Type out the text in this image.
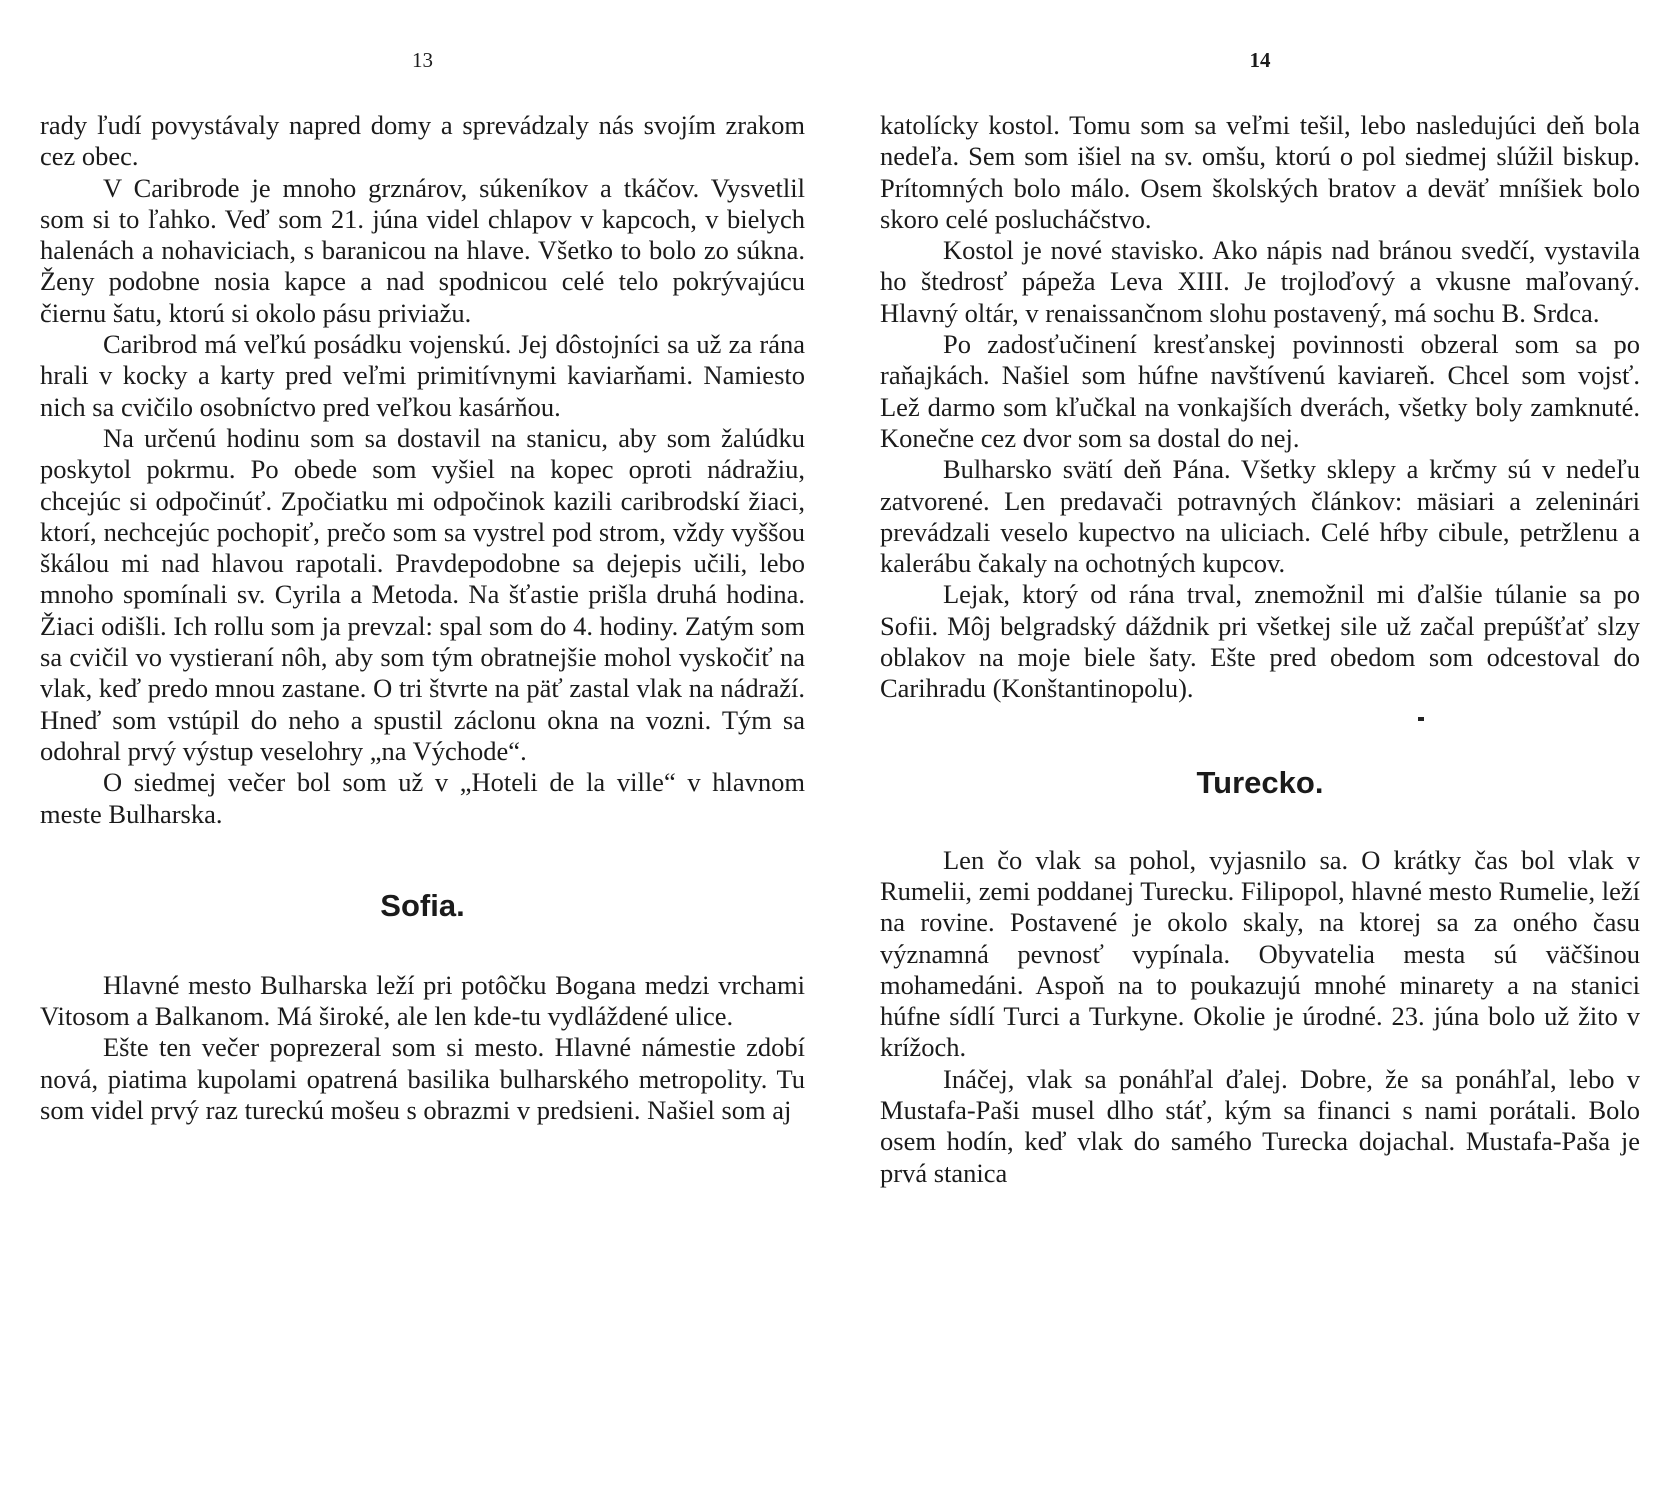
13

rady ľudí povystávaly napred domy a sprevádzaly nás svojím zrakom cez obec.

V Caribrode je mnoho grznárov, súkeníkov a tkáčov. Vysvetlil som si to ľahko. Veď som 21. júna videl chlapov v kapcoch, v bielych halenách a nohaviciach, s baranicou na hlave. Všetko to bolo zo súkna. Ženy podobne nosia kapce a nad spodnicou celé telo pokrývajúcu čiernu šatu, ktorú si okolo pásu priviažu.

Caribrod má veľkú posádku vojenskú. Jej dôstojníci sa už za rána hrali v kocky a karty pred veľmi primitívnymi kaviarňami. Namiesto nich sa cvičilo osobníctvo pred veľkou kasárňou.

Na určenú hodinu som sa dostavil na stanicu, aby som žalúdku poskytol pokrmu. Po obede som vyšiel na kopec oproti nádražiu, chcejúc si odpočinúť. Zpočiatku mi odpočinok kazili caribrodskí žiaci, ktorí, nechcejúc pochopiť, prečo som sa vystrel pod strom, vždy vyššou škálou mi nad hlavou rapotali. Pravdepodobne sa dejepis učili, lebo mnoho spomínali sv. Cyrila a Metoda. Na šťastie prišla druhá hodina. Žiaci odišli. Ich rollu som ja prevzal: spal som do 4. hodiny. Zatým som sa cvičil vo vystieraní nôh, aby som tým obratnejšie mohol vyskočiť na vlak, keď predo mnou zastane. O tri štvrte na päť zastal vlak na nádraží. Hneď som vstúpil do neho a spustil záclonu okna na vozni. Tým sa odohral prvý výstup veselohry „na Východe“.

O siedmej večer bol som už v „Hoteli de la ville“ v hlavnom meste Bulharska.

Sofia.

Hlavné mesto Bulharska leží pri potôčku Bogana medzi vrchami Vitosom a Balkanom. Má široké, ale len kde-tu vydláždené ulice.

Ešte ten večer poprezeral som si mesto. Hlavné námestie zdobí nová, piatima kupolami opatrená basilika bulharského metropolity. Tu som videl prvý raz tureckú mošeu s obrazmi v predsieni. Našiel som aj

14

katolícky kostol. Tomu som sa veľmi tešil, lebo nasledujúci deň bola nedeľa. Sem som išiel na sv. omšu, ktorú o pol siedmej slúžil biskup. Prítomných bolo málo. Osem školských bratov a deväť mníšiek bolo skoro celé poslucháčstvo.

Kostol je nové stavisko. Ako nápis nad bránou svedčí, vystavila ho štedrosť pápeža Leva XIII. Je trojloďový a vkusne maľovaný. Hlavný oltár, v renaissančnom slohu postavený, má sochu B. Srdca.

Po zadosťučinení kresťanskej povinnosti obzeral som sa po raňajkách. Našiel som húfne navštívenú kaviareň. Chcel som vojsť. Lež darmo som kľučkal na vonkajších dverách, všetky boly zamknuté. Konečne cez dvor som sa dostal do nej.

Bulharsko svätí deň Pána. Všetky sklepy a krčmy sú v nedeľu zatvorené. Len predavači potravných článkov: mäsiari a zeleninári prevádzali veselo kupectvo na uliciach. Celé hŕby cibule, petržlenu a kalerábu čakaly na ochotných kupcov.

Lejak, ktorý od rána trval, znemožnil mi ďalšie túlanie sa po Sofii. Môj belgradský dáždnik pri všetkej sile už začal prepúšťať slzy oblakov na moje biele šaty. Ešte pred obedom som odcestoval do Carihradu (Konštantinopolu).

Turecko.

Len čo vlak sa pohol, vyjasnilo sa. O krátky čas bol vlak v Rumelii, zemi poddanej Turecku. Filipopol, hlavné mesto Rumelie, leží na rovine. Postavené je okolo skaly, na ktorej sa za oného času významná pevnosť vypínala. Obyvatelia mesta sú väčšinou mohamedáni. Aspoň na to poukazujú mnohé minarety a na stanici húfne sídlí Turci a Turkyne. Okolie je úrodné. 23. júna bolo už žito v krížoch.

Ináčej, vlak sa ponáhľal ďalej. Dobre, že sa ponáhľal, lebo v Mustafa-Paši musel dlho stáť, kým sa financi s nami porátali. Bolo osem hodín, keď vlak do samého Turecka dojachal. Mustafa-Paša je prvá stanica
